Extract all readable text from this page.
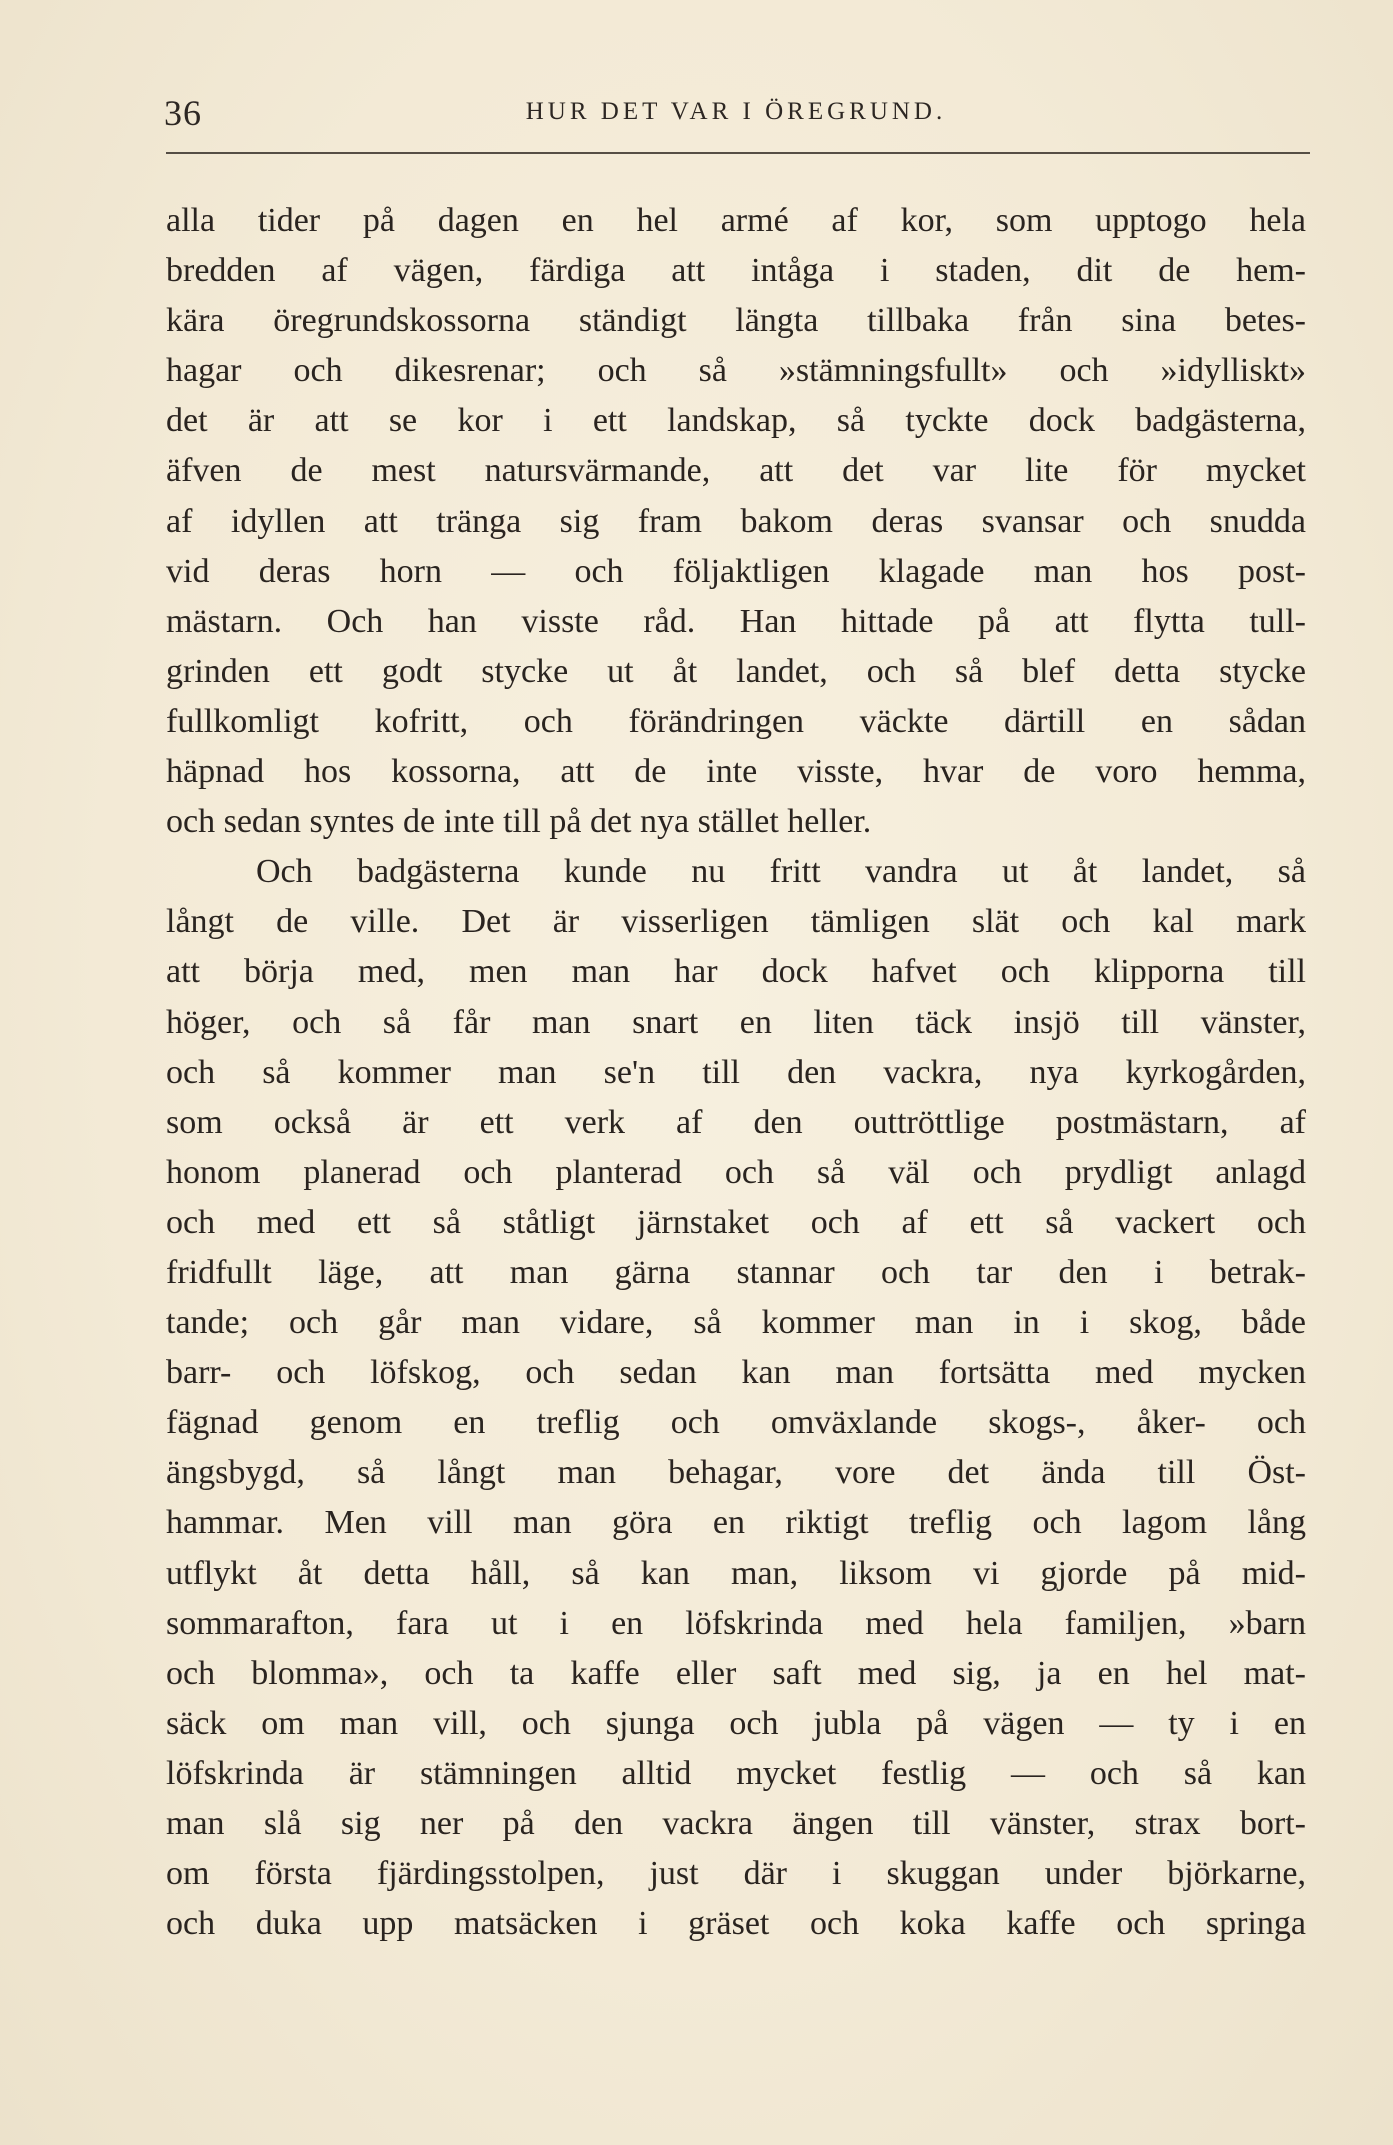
36	HUR DET VAR I ÖREGRUND.
alla tider på dagen en hel armé af kor, som upptogo hela
bredden af vägen, färdiga att intåga i staden, dit de hem-
kära öregrundskossorna ständigt längta tillbaka från sina betes-
hagar och dikesrenar; och så »stämningsfullt» och »idylliskt»
det är att se kor i ett landskap, så tyckte dock badgästerna,
äfven de mest natursvärmande, att det var lite för mycket
af idyllen att tränga sig fram bakom deras svansar och snudda
vid deras horn — och följaktligen klagade man hos post-
mästarn. Och han visste råd. Han hittade på att flytta tull-
grinden ett godt stycke ut åt landet, och så blef detta stycke
fullkomligt kofritt, och förändringen väckte därtill en sådan
häpnad hos kossorna, att de inte visste, hvar de voro hemma,
och sedan syntes de inte till på det nya stället heller.
Och badgästerna kunde nu fritt vandra ut åt landet, så
långt de ville. Det är visserligen tämligen slät och kal mark
att börja med, men man har dock hafvet och klipporna till
höger, och så får man snart en liten täck insjö till vänster,
och så kommer man se'n till den vackra, nya kyrkogården,
som också är ett verk af den outtröttlige postmästarn, af
honom planerad och planterad och så väl och prydligt anlagd
och med ett så ståtligt järnstaket och af ett så vackert och
fridfullt läge, att man gärna stannar och tar den i betrak-
tande; och går man vidare, så kommer man in i skog, både
barr- och löfskog, och sedan kan man fortsätta med mycken
fägnad genom en treflig och omväxlande skogs-, åker- och
ängsbygd, så långt man behagar, vore det ända till Öst-
hammar. Men vill man göra en riktigt treflig och lagom lång
utflykt åt detta håll, så kan man, liksom vi gjorde på mid-
sommarafton, fara ut i en löfskrinda med hela familjen, »barn
och blomma», och ta kaffe eller saft med sig, ja en hel mat-
säck om man vill, och sjunga och jubla på vägen — ty i en
löfskrinda är stämningen alltid mycket festlig — och så kan
man slå sig ner på den vackra ängen till vänster, strax bort-
om första fjärdingsstolpen, just där i skuggan under björkarne,
och duka upp matsäcken i gräset och koka kaffe och springa
